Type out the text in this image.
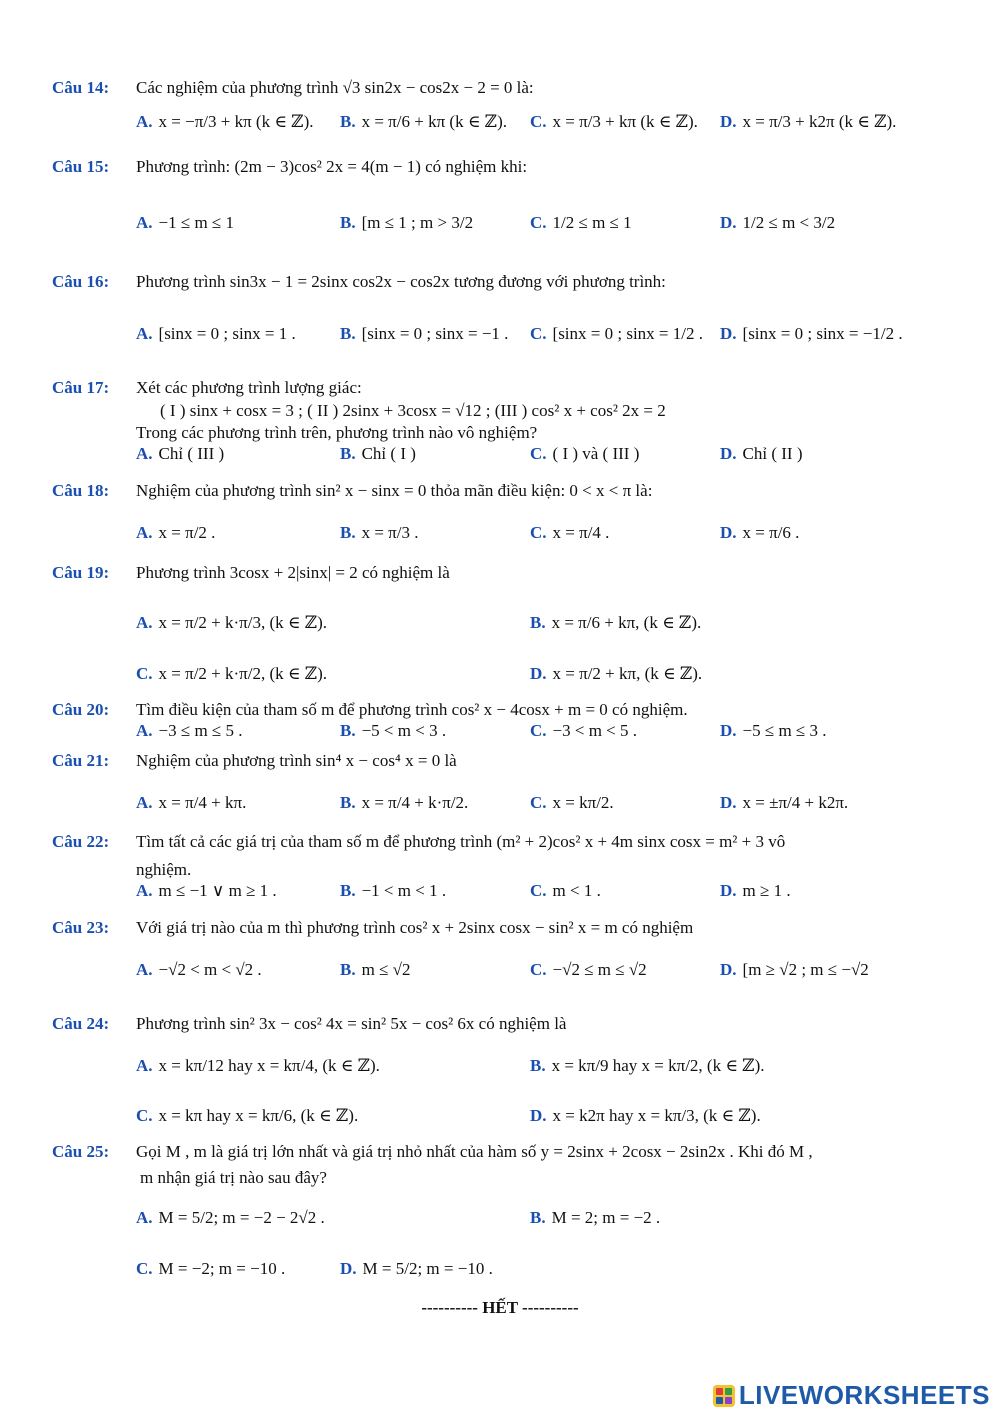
Câu 14: Các nghiệm của phương trình √3 sin2x − cos2x − 2 = 0 là:
A. x = −π/3 + kπ (k ∈ ℤ). B. x = π/6 + kπ (k ∈ ℤ). C. x = π/3 + kπ (k ∈ ℤ). D. x = π/3 + k2π (k ∈ ℤ).
Câu 15: Phương trình: (2m − 3)cos² 2x = 4(m − 1) có nghiệm khi:
A. −1 ≤ m ≤ 1	B. [m ≤ 1 ; m > 3/2	C. 1/2 ≤ m ≤ 1	D. 1/2 ≤ m < 3/2
Câu 16: Phương trình sin3x − 1 = 2sinx cos2x − cos2x tương đương với phương trình:
A. [sinx = 0 ; sinx = 1 .	B. [sinx = 0 ; sinx = −1 . C. [sinx = 0 ; sinx = 1/2 . D. [sinx = 0 ; sinx = −1/2 .
Câu 17: Xét các phương trình lượng giác:
( I ) sinx + cosx = 3 ; ( II ) 2sinx + 3cosx = √12 ; (III ) cos² x + cos² 2x = 2
Trong các phương trình trên, phương trình nào vô nghiệm?
A. Chỉ ( III )	B. Chỉ ( I )	C. ( I ) và ( III )	D. Chỉ ( II )
Câu 18: Nghiệm của phương trình sin² x − sinx = 0 thỏa mãn điều kiện: 0 < x < π là:
A. x = π/2 .	B. x = π/3 .	C. x = π/4 .	D. x = π/6 .
Câu 19: Phương trình 3cosx + 2|sinx| = 2 có nghiệm là
A. x = π/2 + k·π/3, (k ∈ ℤ).	B. x = π/6 + kπ, (k ∈ ℤ).
C. x = π/2 + k·π/2, (k ∈ ℤ).	D. x = π/2 + kπ, (k ∈ ℤ).
Câu 20: Tìm điều kiện của tham số m để phương trình cos² x − 4cosx + m = 0 có nghiệm.
A. −3 ≤ m ≤ 5 .	B. −5 < m < 3 .	C. −3 < m < 5 .	D. −5 ≤ m ≤ 3 .
Câu 21: Nghiệm của phương trình sin⁴ x − cos⁴ x = 0 là
A. x = π/4 + kπ.	B. x = π/4 + k·π/2.	C. x = kπ/2.	D. x = ±π/4 + k2π.
Câu 22: Tìm tất cả các giá trị của tham số m để phương trình (m² + 2)cos² x + 4m sinx cosx = m² + 3 vô
nghiệm.
A. m ≤ −1 ∨ m ≥ 1 .	B. −1 < m < 1 .	C. m < 1 .	D. m ≥ 1 .
Câu 23: Với giá trị nào của m thì phương trình cos² x + 2sinx cosx − sin² x = m có nghiệm
A. −√2 < m < √2 .	B. m ≤ √2	C. −√2 ≤ m ≤ √2	D. [m ≥ √2 ; m ≤ −√2
Câu 24: Phương trình sin² 3x − cos² 4x = sin² 5x − cos² 6x có nghiệm là
A. x = kπ/12 hay x = kπ/4, (k ∈ ℤ).	B. x = kπ/9 hay x = kπ/2, (k ∈ ℤ).
C. x = kπ hay x = kπ/6, (k ∈ ℤ).	D. x = k2π hay x = kπ/3, (k ∈ ℤ).
Câu 25: Gọi M , m là giá trị lớn nhất và giá trị nhỏ nhất của hàm số y = 2sinx + 2cosx − 2sin2x . Khi đó M ,
m nhận giá trị nào sau đây?
A. M = 5/2; m = −2 − 2√2 .	B. M = 2; m = −2 .
C. M = −2; m = −10 .	D. M = 5/2; m = −10 .
---------- HẾT ----------
LIVEWORKSHEETS
